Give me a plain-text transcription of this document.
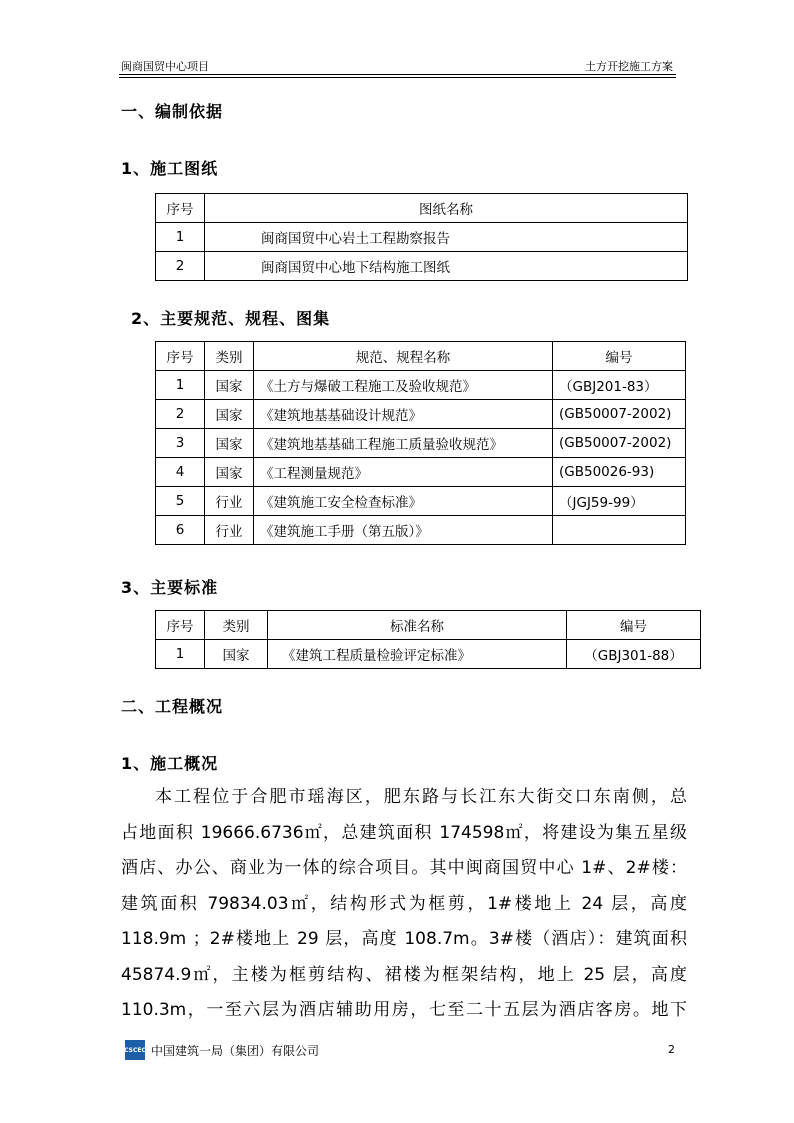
闽商国贸中心项目	土方开挖施工方案
一、编制依据
1、施工图纸
序号	图纸名称
1	闽商国贸中心岩土工程勘察报告
2	闽商国贸中心地下结构施工图纸
2、主要规范、规程、图集
序号	类别	规范、规程名称	编号
1	国家	《土方与爆破工程施工及验收规范》	（GBJ201-83）
2	国家	《建筑地基基础设计规范》	(GB50007-2002)
3	国家	《建筑地基基础工程施工质量验收规范》	(GB50007-2002)
4	国家	《工程测量规范》	(GB50026-93)
5	行业	《建筑施工安全检查标准》	（JGJ59-99）
6	行业	《建筑施工手册（第五版）》	
3、主要标准
序号	类别	标准名称	编号
1	国家	《建筑工程质量检验评定标准》	（GBJ301-88）
二、工程概况
1、施工概况

本工程位于合肥市瑶海区，肥东路与长江东大街交口东南侧，总

占地面积 19666.6736㎡，总建筑面积 174598㎡，将建设为集五星级

酒店、办公、商业为一体的综合项目。其中闽商国贸中心 1#、2#楼：

建筑面积 79834.03㎡，结构形式为框剪，1#楼地上 24 层，高度

118.9m ；2#楼地上 29 层，高度 108.7m。3#楼（酒店）：建筑面积

45874.9㎡，主楼为框剪结构、裙楼为框架结构，地上 25 层，高度

110.3m，一至六层为酒店辅助用房，七至二十五层为酒店客房。地下

CSCEC 中国建筑一局（集团）有限公司	2
